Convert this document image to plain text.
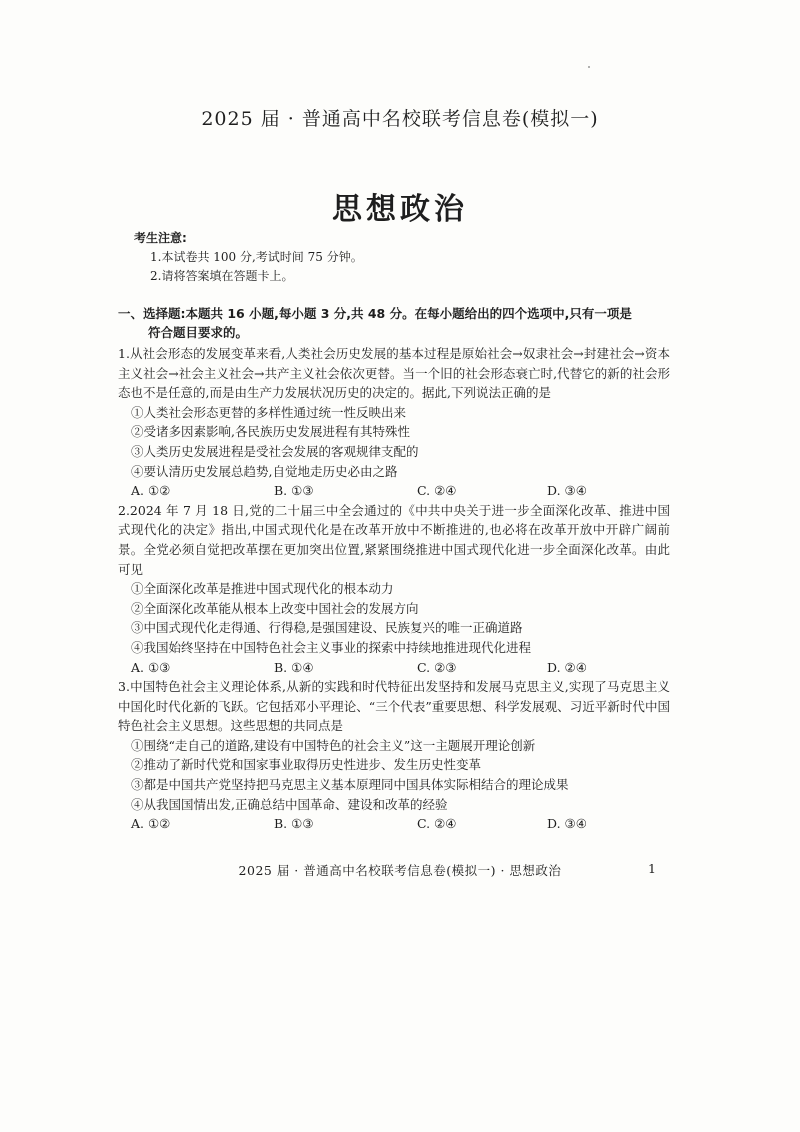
2025 届 · 普通高中名校联考信息卷(模拟一)
思想政治
考生注意:
1.本试卷共 100 分,考试时间 75 分钟。
2.请将答案填在答题卡上。
一、选择题:本题共 16 小题,每小题 3 分,共 48 分。在每小题给出的四个选项中,只有一项是
符合题目要求的。
1.从社会形态的发展变革来看,人类社会历史发展的基本过程是原始社会→奴隶社会→封建社会→资本主义社会→社会主义社会→共产主义社会依次更替。当一个旧的社会形态衰亡时,代替它的新的社会形态也不是任意的,而是由生产力发展状况历史的决定的。据此,下列说法正确的是
①人类社会形态更替的多样性通过统一性反映出来
②受诸多因素影响,各民族历史发展进程有其特殊性
③人类历史发展进程是受社会发展的客观规律支配的
④要认清历史发展总趋势,自觉地走历史必由之路
A. ①②	B. ①③	C. ②④	D. ③④
2.2024 年 7 月 18 日,党的二十届三中全会通过的《中共中央关于进一步全面深化改革、推进中国式现代化的决定》指出,中国式现代化是在改革开放中不断推进的,也必将在改革开放中开辟广阔前景。全党必须自觉把改革摆在更加突出位置,紧紧围绕推进中国式现代化进一步全面深化改革。由此可见
①全面深化改革是推进中国式现代化的根本动力
②全面深化改革能从根本上改变中国社会的发展方向
③中国式现代化走得通、行得稳,是强国建设、民族复兴的唯一正确道路
④我国始终坚持在中国特色社会主义事业的探索中持续地推进现代化进程
A. ①③	B. ①④	C. ②③	D. ②④
3.中国特色社会主义理论体系,从新的实践和时代特征出发坚持和发展马克思主义,实现了马克思主义中国化时代化新的飞跃。它包括邓小平理论、“三个代表”重要思想、科学发展观、习近平新时代中国特色社会主义思想。这些思想的共同点是
①围绕“走自己的道路,建设有中国特色的社会主义”这一主题展开理论创新
②推动了新时代党和国家事业取得历史性进步、发生历史性变革
③都是中国共产党坚持把马克思主义基本原理同中国具体实际相结合的理论成果
④从我国国情出发,正确总结中国革命、建设和改革的经验
A. ①②	B. ①③	C. ②④	D. ③④
2025 届 · 普通高中名校联考信息卷(模拟一) · 思想政治	1
